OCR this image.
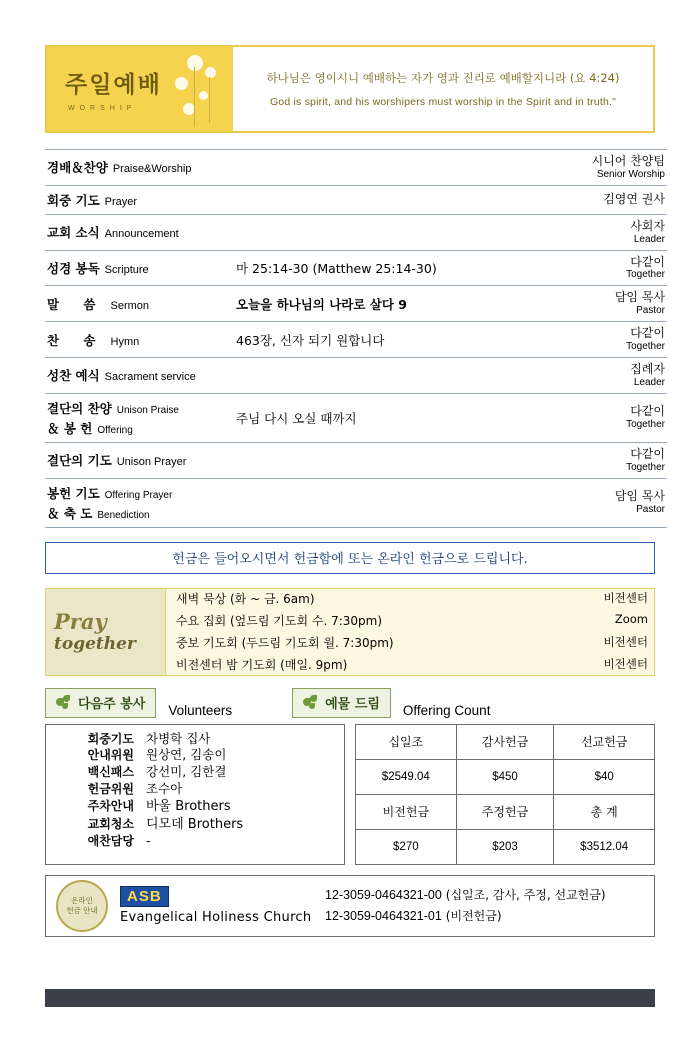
주일예배
WORSHIP
하나님은 영이시니 예배하는 자가 영과 진리로 예배할지니라 (요 4:24)
God is spirit, and his worshipers must worship in the Spirit and in truth."
경배＆찬양 Praise&Worship		시니어 찬양팀
Senior Worship

회중 기도 Prayer		김영연 권사

교회 소식 Announcement		사회자
Leader

성경 봉독 Scripture	마 25:14-30 (Matthew 25:14-30)	다같이
Together

말 씀 Sermon	오늘을 하나님의 나라로 살다 9	담임 목사
Pastor

찬 송 Hymn	463장, 신자 되기 원합니다	다같이
Together

성찬 예식 Sacrament service		집례자
Leader

결단의 찬양 Unison Praise
＆ 봉 헌 Offering	주님 다시 오실 때까지	다같이
Together

결단의 기도 Unison Prayer		다같이
Together

봉헌 기도 Offering Prayer
＆ 축 도 Benediction		담임 목사
Pastor
헌금은 들어오시면서 헌금함에 또는 온라인 헌금으로 드립니다.
Pray
together
새벽 묵상 (화 ~ 금. 6am)	비전센터
수요 집회 (엎드림 기도회 수. 7:30pm)	Zoom
중보 기도회 (두드림 기도회 월. 7:30pm)	비전센터
비전센터 밤 기도회 (매일. 9pm)	비전센터
다음주 봉사 Volunteers	예물 드림 Offering Count
회중기도 차병학 집사
안내위원 원상연, 김송이
백신패스 강선미, 김한결
헌금위원 조수아
주차안내 바울 Brothers
교회청소 디모데 Brothers
애찬담당 -
십일조	감사헌금	선교헌금
$2549.04	$450	$40
비전헌금	주정헌금	총 계
$270	$203	$3512.04
온라인
헌금 안내
ASB
Evangelical Holiness Church
12-3059-0464321-00 (십일조, 감사, 주정, 선교헌금)
12-3059-0464321-01 (비전헌금)
